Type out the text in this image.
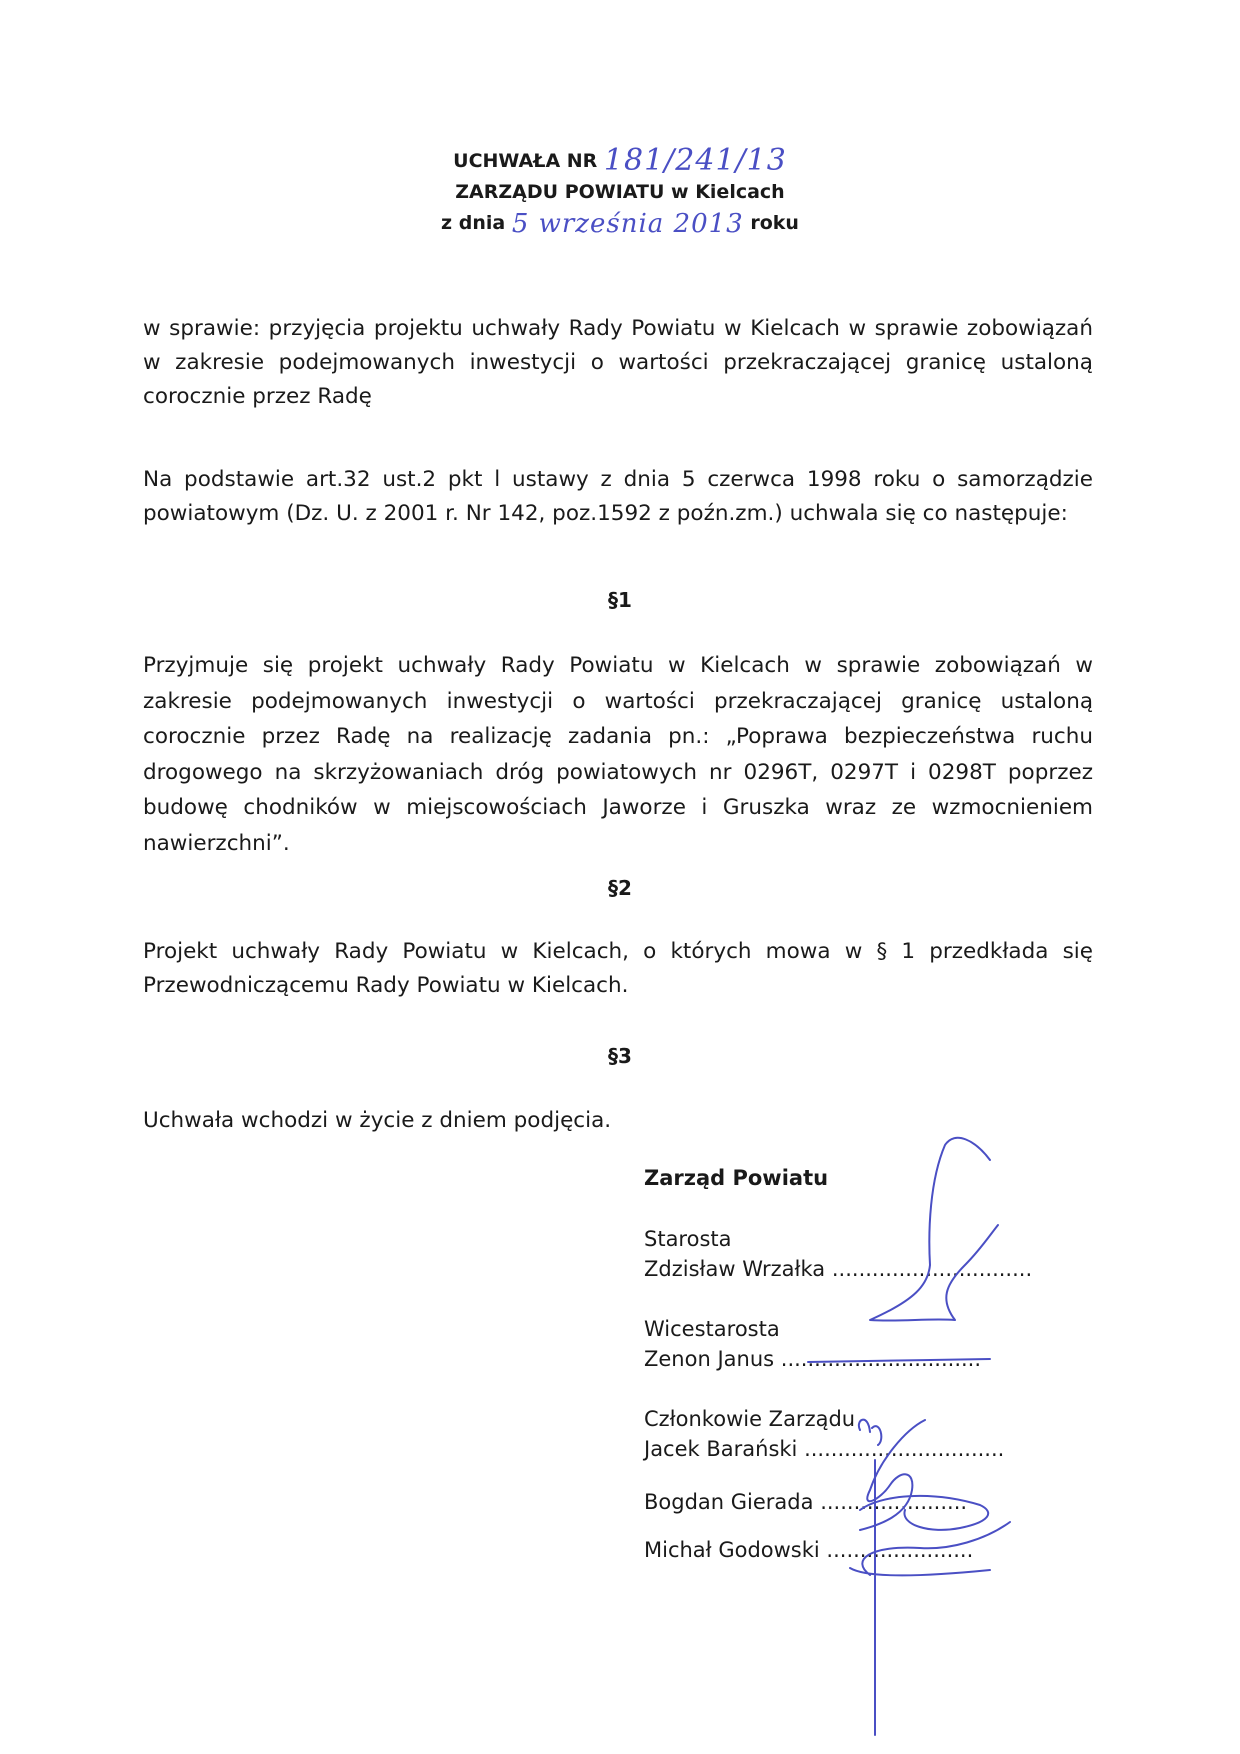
UCHWAŁA NR 181/241/13
ZARZĄDU POWIATU w Kielcach
z dnia 5 września 2013 roku
w sprawie: przyjęcia projektu uchwały Rady Powiatu w Kielcach w sprawie zobowiązań w zakresie podejmowanych inwestycji o wartości przekraczającej granicę ustaloną corocznie przez Radę
Na podstawie art.32 ust.2 pkt l ustawy z dnia 5 czerwca 1998 roku o samorządzie powiatowym (Dz. U. z 2001 r. Nr 142, poz.1592 z poźn.zm.) uchwala się co następuje:
§1
Przyjmuje się projekt uchwały Rady Powiatu w Kielcach w sprawie zobowiązań w zakresie podejmowanych inwestycji o wartości przekraczającej granicę ustaloną corocznie przez Radę na realizację zadania pn.: „Poprawa bezpieczeństwa ruchu drogowego na skrzyżowaniach dróg powiatowych nr 0296T, 0297T i 0298T poprzez budowę chodników w miejscowościach Jaworze i Gruszka wraz ze wzmocnieniem nawierzchni”.
§2
Projekt uchwały Rady Powiatu w Kielcach, o których mowa w § 1 przedkłada się Przewodniczącemu Rady Powiatu w Kielcach.
§3
Uchwała wchodzi w życie z dniem podjęcia.
Zarząd Powiatu
Starosta
Zdzisław Wrzałka ..............................
Wicestarosta
Zenon Janus ..............................
Członkowie Zarządu
Jacek Barański ..............................
Bogdan Gierada ......................
Michał Godowski ......................
